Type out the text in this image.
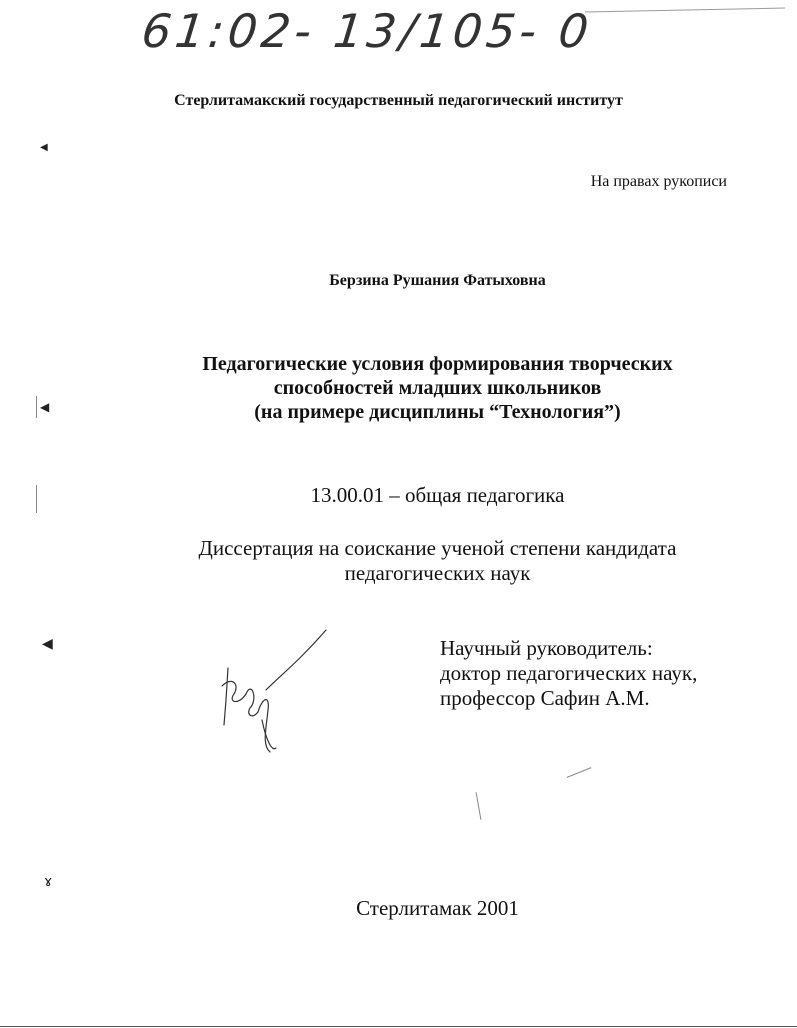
61:02- 13/105- 0
Стерлитамакский государственный педагогический институт
На правах рукописи
Берзина Рушания Фатыховна
Педагогические условия формирования творческих
способностей младших школьников
(на примере дисциплины “Технология”)
13.00.01 – общая педагогика
Диссертация на соискание ученой степени кандидата
педагогических наук
Научный руководитель:
доктор педагогических наук,
профессор Сафин А.М.
◀
◀
◀
ɤ
Стерлитамак 2001
